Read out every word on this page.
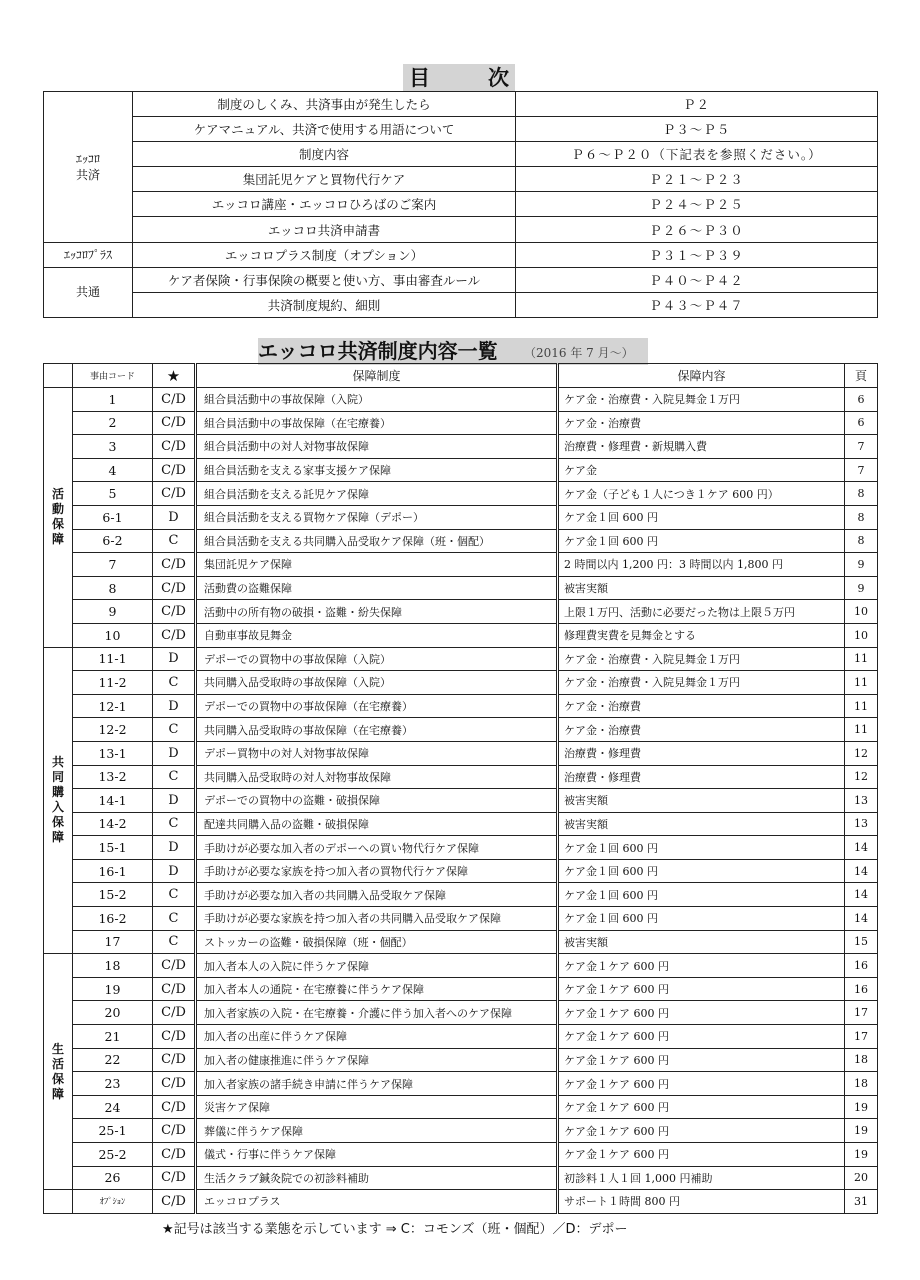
目　　次
ｴｯｺﾛ
共済	制度のしくみ、共済事由が発生したら	Ｐ２
	ケアマニュアル、共済で使用する用語について	Ｐ３～Ｐ５
	制度内容	Ｐ６～Ｐ２０（下記表を参照ください。）
	集団託児ケアと買物代行ケア	Ｐ２１～Ｐ２３
	エッコロ講座・エッコロひろばのご案内	Ｐ２４～Ｐ２５
	エッコロ共済申請書	Ｐ２６～Ｐ３０
ｴｯｺﾛﾌﾟﾗｽ	エッコロプラス制度（オプション）	Ｐ３１～Ｐ３９
共通	ケア者保険・行事保険の概要と使い方、事由審査ルール	Ｐ４０～Ｐ４２
	共済制度規約、細則	Ｐ４３～Ｐ４７
エッコロ共済制度内容一覧 （2016 年 7 月～）
	事由コード	★	保障制度	保障内容	頁
活動保障	1	C/D	組合員活動中の事故保障（入院）	ケア金・治療費・入院見舞金１万円	6
	2	C/D	組合員活動中の事故保障（在宅療養）	ケア金・治療費	6
	3	C/D	組合員活動中の対人対物事故保障	治療費・修理費・新規購入費	7
	4	C/D	組合員活動を支える家事支援ケア保障	ケア金	7
	5	C/D	組合員活動を支える託児ケア保障	ケア金（子ども１人につき１ケア 600 円）	8
	6-1	D	組合員活動を支える買物ケア保障（デポー）	ケア金１回 600 円	8
	6-2	C	組合員活動を支える共同購入品受取ケア保障（班・個配）	ケア金１回 600 円	8
	7	C/D	集団託児ケア保障	2 時間以内 1,200 円：3 時間以内 1,800 円	9
	8	C/D	活動費の盗難保障	被害実額	9
	9	C/D	活動中の所有物の破損・盗難・紛失保障	上限１万円、活動に必要だった物は上限５万円	10
	10	C/D	自動車事故見舞金	修理費実費を見舞金とする	10
共同購入保障	11-1	D	デポーでの買物中の事故保障（入院）	ケア金・治療費・入院見舞金１万円	11
	11-2	C	共同購入品受取時の事故保障（入院）	ケア金・治療費・入院見舞金１万円	11
	12-1	D	デポーでの買物中の事故保障（在宅療養）	ケア金・治療費	11
	12-2	C	共同購入品受取時の事故保障（在宅療養）	ケア金・治療費	11
	13-1	D	デポー買物中の対人対物事故保障	治療費・修理費	12
	13-2	C	共同購入品受取時の対人対物事故保障	治療費・修理費	12
	14-1	D	デポーでの買物中の盗難・破損保障	被害実額	13
	14-2	C	配達共同購入品の盗難・破損保障	被害実額	13
	15-1	D	手助けが必要な加入者のデポーへの買い物代行ケア保障	ケア金１回 600 円	14
	16-1	D	手助けが必要な家族を持つ加入者の買物代行ケア保障	ケア金１回 600 円	14
	15-2	C	手助けが必要な加入者の共同購入品受取ケア保障	ケア金１回 600 円	14
	16-2	C	手助けが必要な家族を持つ加入者の共同購入品受取ケア保障	ケア金１回 600 円	14
	17	C	ストッカーの盗難・破損保障（班・個配）	被害実額	15
生活保障	18	C/D	加入者本人の入院に伴うケア保障	ケア金１ケア 600 円	16
	19	C/D	加入者本人の通院・在宅療養に伴うケア保障	ケア金１ケア 600 円	16
	20	C/D	加入者家族の入院・在宅療養・介護に伴う加入者へのケア保障	ケア金１ケア 600 円	17
	21	C/D	加入者の出産に伴うケア保障	ケア金１ケア 600 円	17
	22	C/D	加入者の健康推進に伴うケア保障	ケア金１ケア 600 円	18
	23	C/D	加入者家族の諸手続き申請に伴うケア保障	ケア金１ケア 600 円	18
	24	C/D	災害ケア保障	ケア金１ケア 600 円	19
	25-1	C/D	葬儀に伴うケア保障	ケア金１ケア 600 円	19
	25-2	C/D	儀式・行事に伴うケア保障	ケア金１ケア 600 円	19
	26	C/D	生活クラブ鍼灸院での初診料補助	初診料１人１回 1,000 円補助	20
	ｵﾌﾟｼｮﾝ	C/D	エッコロプラス	サポート１時間 800 円	31
★記号は該当する業態を示しています ⇒ C：コモンズ（班・個配）／D：デポー
